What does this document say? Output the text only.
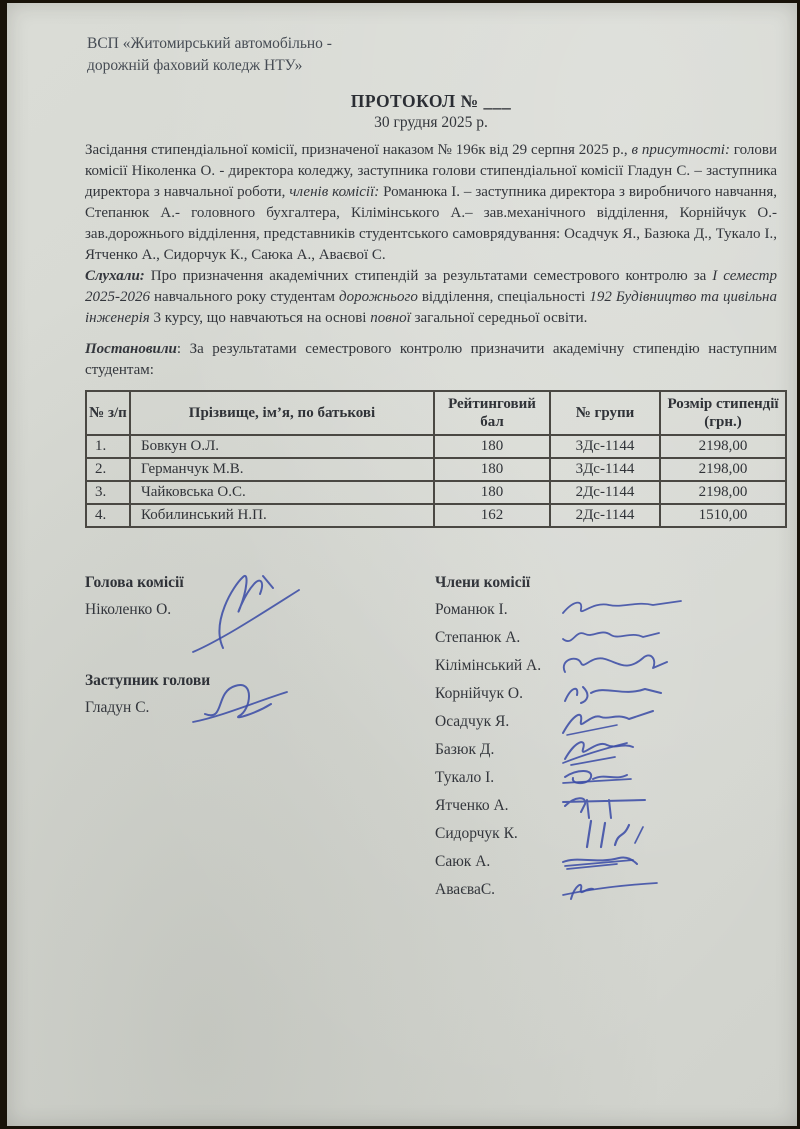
ВСП «Житомирський автомобільно -
дорожній фаховий коледж НТУ»
ПРОТОКОЛ № ___
30 грудня 2025 р.

Засідання стипендіальної комісії, призначеної наказом № 196к від 29 серпня 2025 р., в присутності: голови комісії Ніколенка О. - директора коледжу, заступника голови стипендіальної комісії Гладун С. – заступника директора з навчальної роботи, членів комісії: Романюка І. – заступника директора з виробничого навчання, Степанюк А.- головного бухгалтера, Кілімінського А.– зав.механічного відділення, Корнійчук О.- зав.дорожнього відділення, представників студентського самоврядування: Осадчук Я., Базюка Д., Тукало І., Ятченко А., Сидорчук К., Саюка А., Аваєвої С.

Слухали: Про призначення академічних стипендій за результатами семестрового контролю за І семестр 2025-2026 навчального року студентам дорожнього відділення, спеціальності 192 Будівництво та цивільна інженерія 3 курсу, що навчаються на основі повної загальної середньої освіти.

Постановили: За результатами семестрового контролю призначити академічну стипендію наступним студентам:

№ з/п	Прізвище, ім’я, по батькові	Рейтинговий бал	№ групи	Розмір стипендії (грн.)
1.	Бовкун О.Л.	180	3Дс-1144	2198,00
2.	Германчук М.В.	180	3Дс-1144	2198,00
3.	Чайковська О.С.	180	2Дс-1144	2198,00
4.	Кобилинський Н.П.	162	2Дс-1144	1510,00
Голова комісії
Ніколенко О.
Заступник голови
Гладун С.
Члени комісії
Романюк І.
Степанюк А.
Кілімінський А.
Корнійчук О.
Осадчук Я.
Базюк Д.
Тукало І.
Ятченко А.
Сидорчук К.
Саюк А.
АваєваС.
